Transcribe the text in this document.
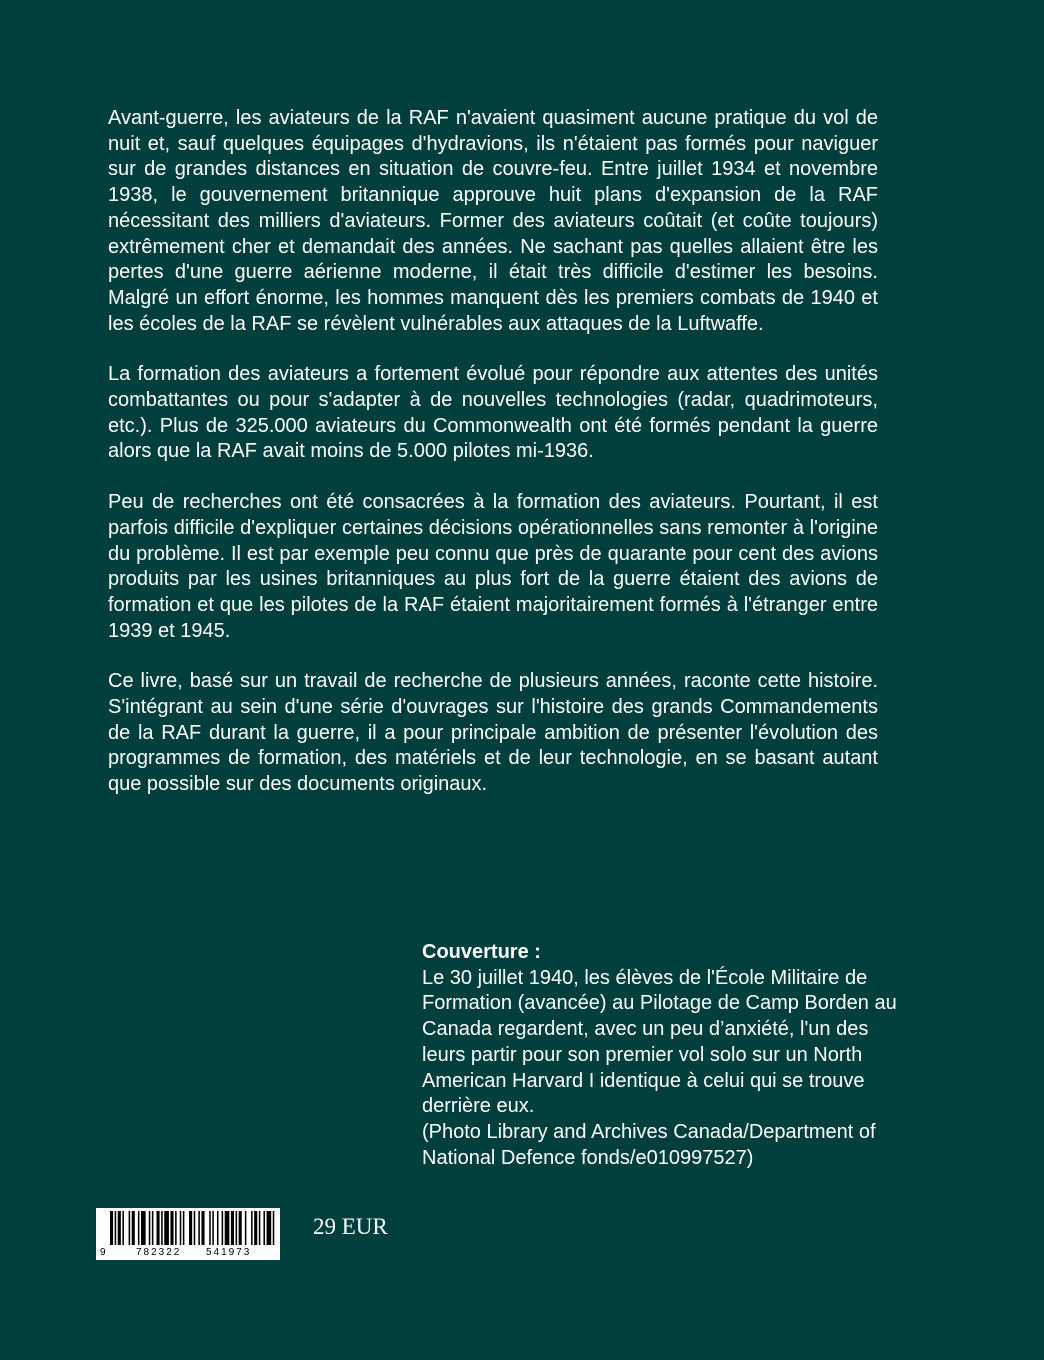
Avant-guerre, les aviateurs de la RAF n'avaient quasiment aucune pratique du vol de nuit et, sauf quelques équipages d'hydravions, ils n'étaient pas formés pour naviguer sur de grandes distances en situation de couvre-feu. Entre juillet 1934 et novembre 1938, le gouvernement britannique approuve huit plans d'expansion de la RAF nécessitant des milliers d'aviateurs. Former des aviateurs coûtait (et coûte toujours) extrêmement cher et demandait des années. Ne sachant pas quelles allaient être les pertes d'une guerre aérienne moderne, il était très difficile d'estimer les besoins. Malgré un effort énorme, les hommes manquent dès les premiers combats de 1940 et les écoles de la RAF se révèlent vulnérables aux attaques de la Luftwaffe.

La formation des aviateurs a fortement évolué pour répondre aux attentes des unités combattantes ou pour s'adapter à de nouvelles technologies (radar, quadrimoteurs, etc.). Plus de 325.000 aviateurs du Commonwealth ont été formés pendant la guerre alors que la RAF avait moins de 5.000 pilotes mi-1936.

Peu de recherches ont été consacrées à la formation des aviateurs. Pourtant, il est parfois difficile d'expliquer certaines décisions opérationnelles sans remonter à l'origine du problème. Il est par exemple peu connu que près de quarante pour cent des avions produits par les usines britanniques au plus fort de la guerre étaient des avions de formation et que les pilotes de la RAF étaient majoritairement formés à l'étranger entre 1939 et 1945.

Ce livre, basé sur un travail de recherche de plusieurs années, raconte cette histoire. S'intégrant au sein d'une série d'ouvrages sur l'histoire des grands Commandements de la RAF durant la guerre, il a pour principale ambition de présenter l'évolution des programmes de formation, des matériels et de leur technologie, en se basant autant que possible sur des documents originaux.

Couverture :

Le 30 juillet 1940, les élèves de l'École Militaire de Formation (avancée) au Pilotage de Camp Borden au Canada regardent, avec un peu d’anxiété, l'un des leurs partir pour son premier vol solo sur un North American Harvard I identique à celui qui se trouve derrière eux.

(Photo Library and Archives Canada/Department of National Defence fonds/e010997527)

9	782322 541973
29 EUR
